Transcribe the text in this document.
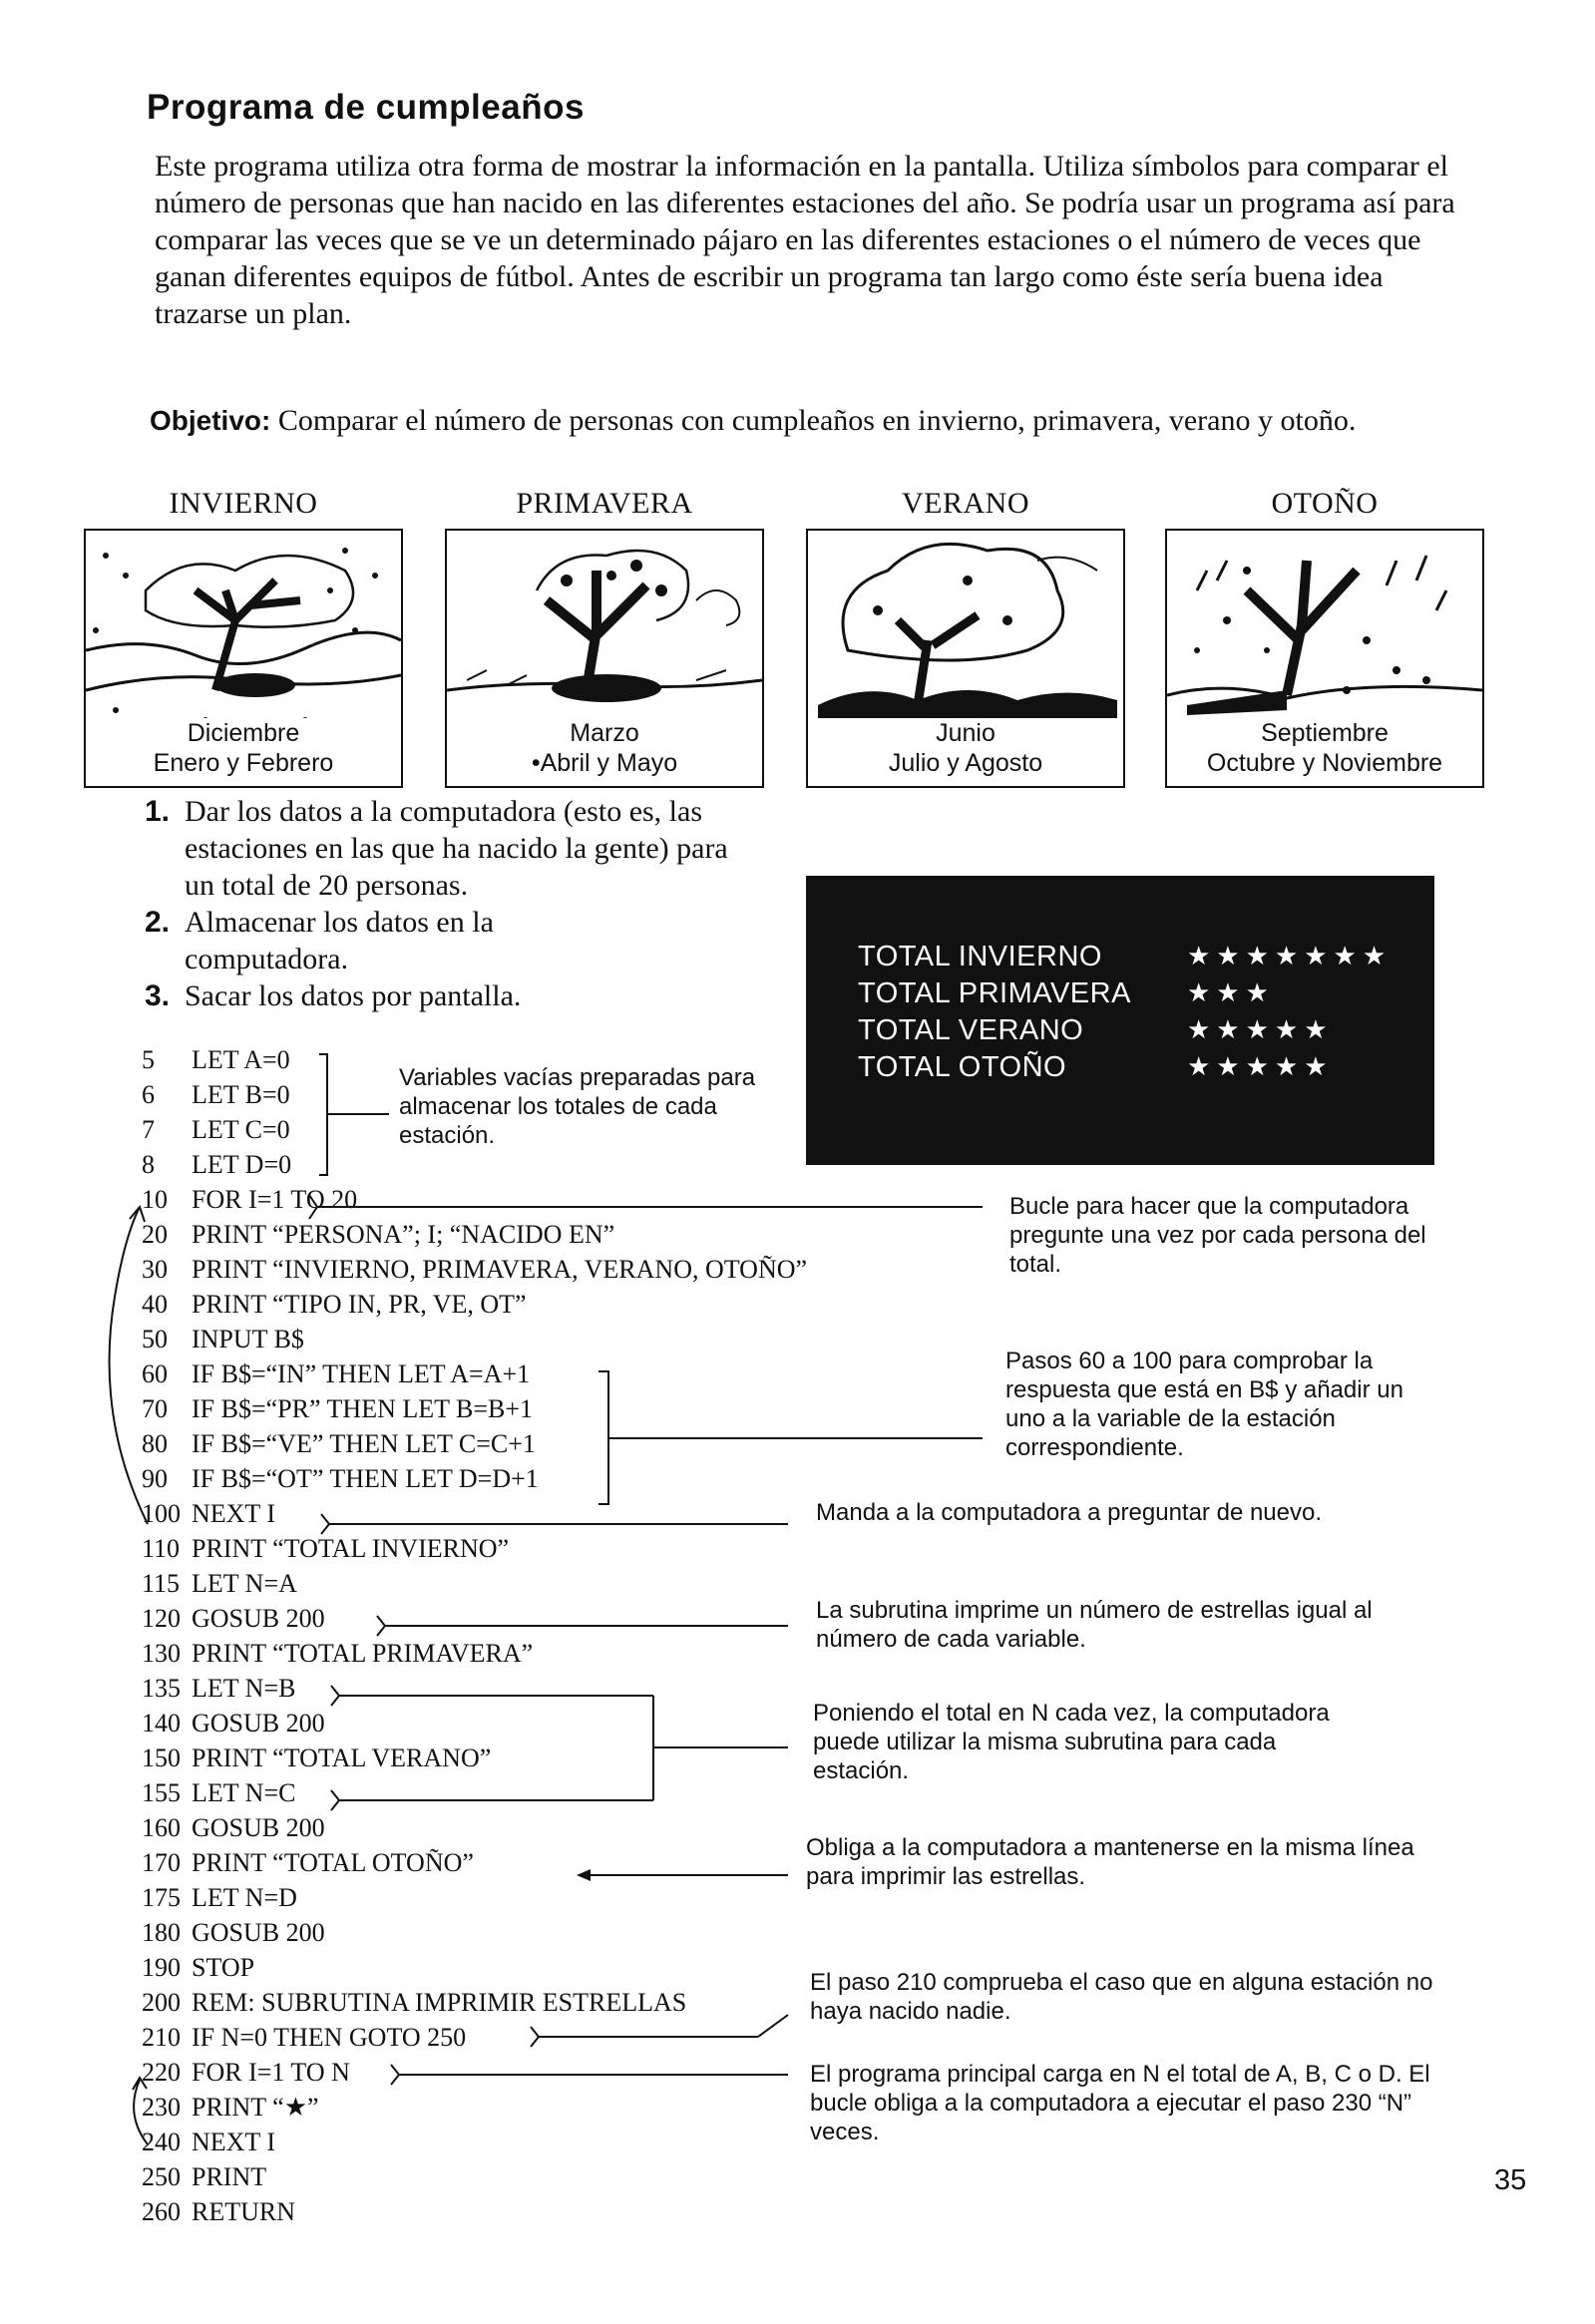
Programa de cumpleaños
Este programa utiliza otra forma de mostrar la información en la pantalla. Utiliza símbolos para comparar el número de personas que han nacido en las diferentes estaciones del año. Se podría usar un programa así para comparar las veces que se ve un determinado pájaro en las diferentes estaciones o el número de veces que ganan diferentes equipos de fútbol. Antes de escribir un programa tan largo como éste sería buena idea trazarse un plan.
Objetivo: Comparar el número de personas con cumpleaños en invierno, primavera, verano y otoño.
INVIERNO	PRIMAVERA	VERANO	OTOÑO
Diciembre
Enero y Febrero
Marzo
•Abril y Mayo
Junio
Julio y Agosto
Septiembre
Octubre y Noviembre
1. Dar los datos a la computadora (esto es, las estaciones en las que ha nacido la gente) para un total de 20 personas.
2. Almacenar los datos en la computadora.
3. Sacar los datos por pantalla.
TOTAL INVIERNO	★★★★★★★
TOTAL PRIMAVERA	★★★
TOTAL VERANO	★★★★★
TOTAL OTOÑO	★★★★★
5 LET A=0
6 LET B=0
7 LET C=0
8 LET D=0
10 FOR I=1 TO 20
20 PRINT “PERSONA”; I; “NACIDO EN”
30 PRINT “INVIERNO, PRIMAVERA, VERANO, OTOÑO”
40 PRINT “TIPO IN, PR, VE, OT”
50 INPUT B$
60 IF B$=“IN” THEN LET A=A+1
70 IF B$=“PR” THEN LET B=B+1
80 IF B$=“VE” THEN LET C=C+1
90 IF B$=“OT” THEN LET D=D+1
100 NEXT I
110 PRINT “TOTAL INVIERNO”
115 LET N=A
120 GOSUB 200
130 PRINT “TOTAL PRIMAVERA”
135 LET N=B
140 GOSUB 200
150 PRINT “TOTAL VERANO”
155 LET N=C
160 GOSUB 200
170 PRINT “TOTAL OTOÑO”
175 LET N=D
180 GOSUB 200
190 STOP
200 REM: SUBRUTINA IMPRIMIR ESTRELLAS
210 IF N=0 THEN GOTO 250
220 FOR I=1 TO N
230 PRINT “★”
240 NEXT I
250 PRINT
260 RETURN
Variables vacías preparadas para almacenar los totales de cada estación.
Bucle para hacer que la computadora pregunte una vez por cada persona del total.
Pasos 60 a 100 para comprobar la respuesta que está en B$ y añadir un uno a la variable de la estación correspondiente.
Manda a la computadora a preguntar de nuevo.
La subrutina imprime un número de estrellas igual al número de cada variable.
Poniendo el total en N cada vez, la computadora puede utilizar la misma subrutina para cada estación.
Obliga a la computadora a mantenerse en la misma línea para imprimir las estrellas.
El paso 210 comprueba el caso que en alguna estación no haya nacido nadie.
El programa principal carga en N el total de A, B, C o D. El bucle obliga a la computadora a ejecutar el paso 230 “N” veces.
35
